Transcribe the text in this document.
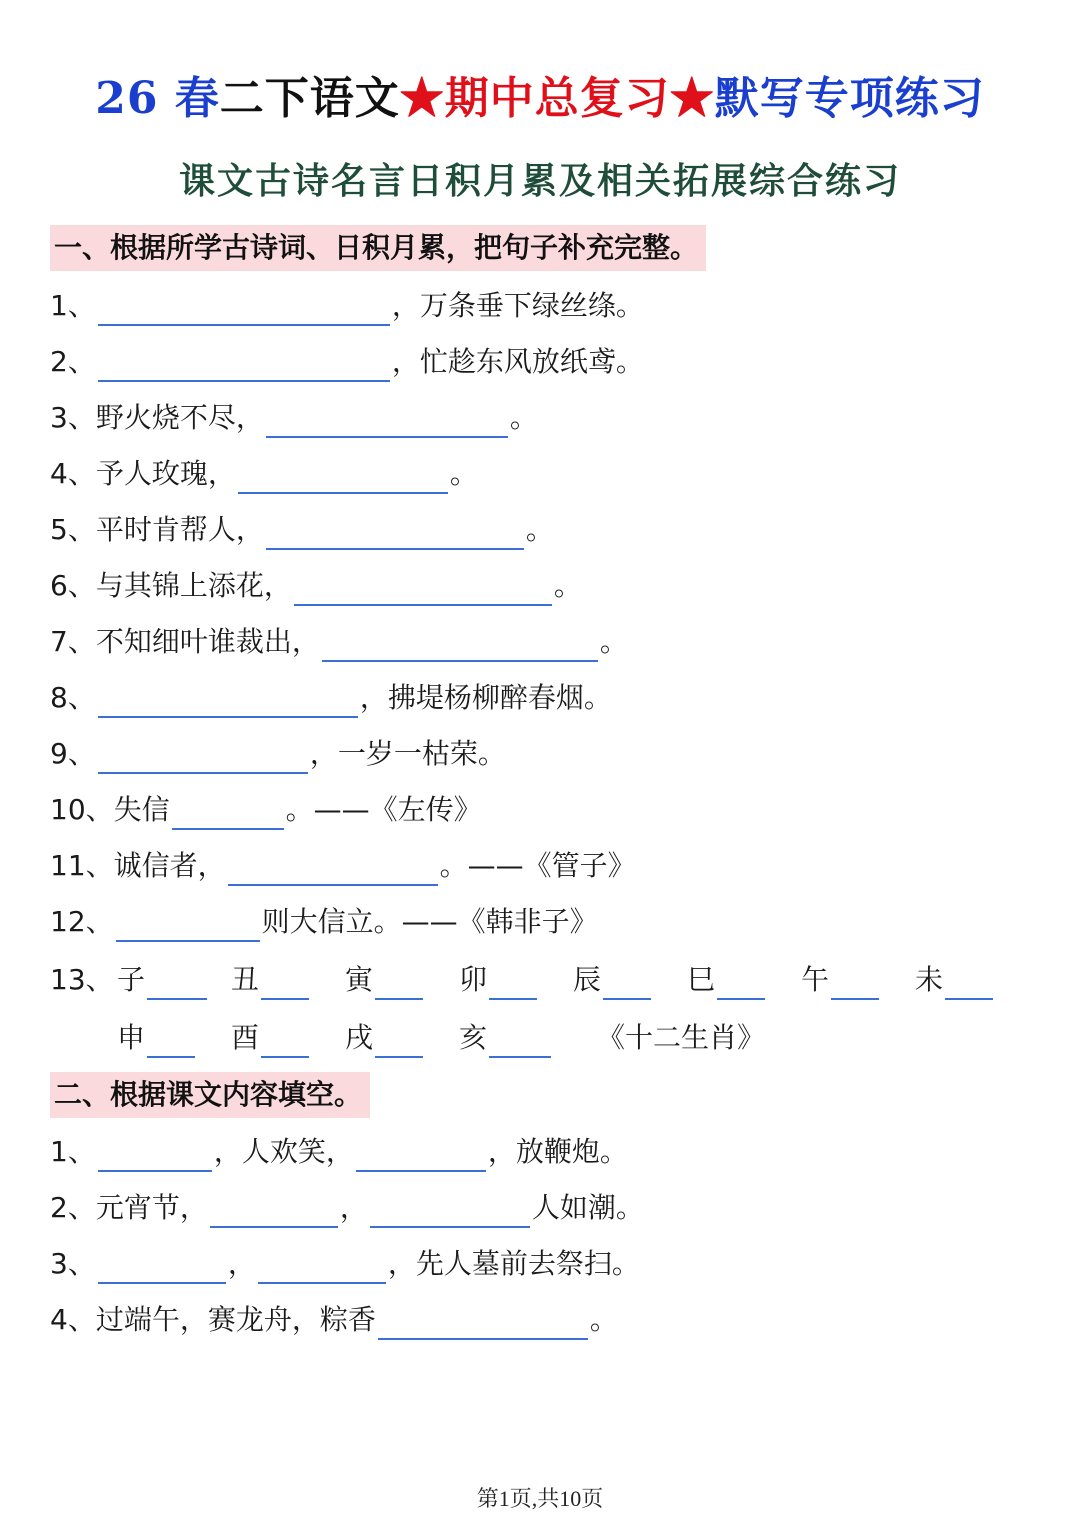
26 春二下语文★期中总复习★默写专项练习
课文古诗名言日积月累及相关拓展综合练习
一、根据所学古诗词、日积月累，把句子补充完整。
1、	，万条垂下绿丝绦。
2、	，忙趁东风放纸鸢。
3、野火烧不尽，	。
4、予人玫瑰，	。
5、平时肯帮人，	。
6、与其锦上添花，	。
7、不知细叶谁裁出，	。
8、	，拂堤杨柳醉春烟。
9、	，一岁一枯荣。
10、失信	。——《左传》
11、诚信者，	。——《管子》
12、	则大信立。——《韩非子》
13、 子	丑	寅	卯	辰	巳	午	未
申	酉	戌	亥	《十二生肖》
二、根据课文内容填空。
1、	，人欢笑，	，放鞭炮。
2、元宵节，	，	人如潮。
3、	，	，先人墓前去祭扫。
4、过端午，赛龙舟，粽香	。
第1页,共10页
